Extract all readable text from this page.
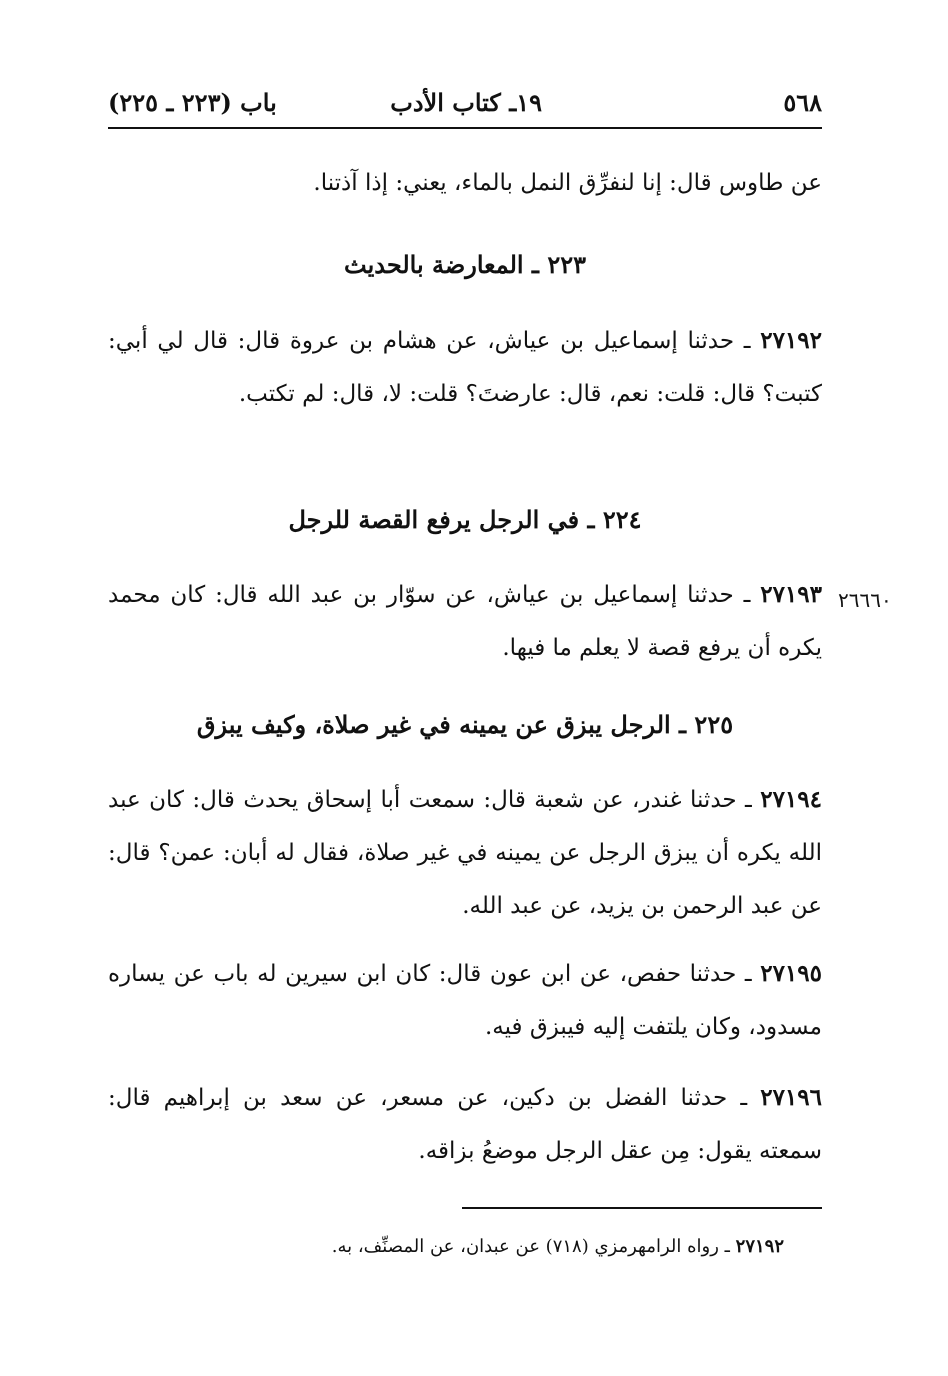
٥٦٨
١٩ـ كتاب الأدب
باب (٢٢٣ ـ ٢٢٥)
عن طاوس قال: إنا لنفرِّق النمل بالماء، يعني: إذا آذتنا.
٢٢٣ ـ المعارضة بالحديث
٢٧١٩٢ ـ حدثنا إسماعيل بن عياش، عن هشام بن عروة قال: قال لي أبي: كتبت؟ قال: قلت: نعم، قال: عارضتَ؟ قلت: لا، قال: لم تكتب.
٢٢٤ ـ في الرجل يرفع القصة للرجل
٢٦٦٦٠
٢٧١٩٣ ـ حدثنا إسماعيل بن عياش، عن سوّار بن عبد الله قال: كان محمد يكره أن يرفع قصة لا يعلم ما فيها.
٢٢٥ ـ الرجل يبزق عن يمينه في غير صلاة، وكيف يبزق
٢٧١٩٤ ـ حدثنا غندر، عن شعبة قال: سمعت أبا إسحاق يحدث قال: كان عبد الله يكره أن يبزق الرجل عن يمينه في غير صلاة، فقال له أبان: عمن؟ قال: عن عبد الرحمن بن يزيد، عن عبد الله.
٢٧١٩٥ ـ حدثنا حفص، عن ابن عون قال: كان ابن سيرين له باب عن يساره مسدود، وكان يلتفت إليه فيبزق فيه.
٢٧١٩٦ ـ حدثنا الفضل بن دكين، عن مسعر، عن سعد بن إبراهيم قال: سمعته يقول: مِن عقل الرجل موضعُ بزاقه.
٢٧١٩٢ ـ رواه الرامهرمزي (٧١٨) عن عبدان، عن المصنِّف، به.
